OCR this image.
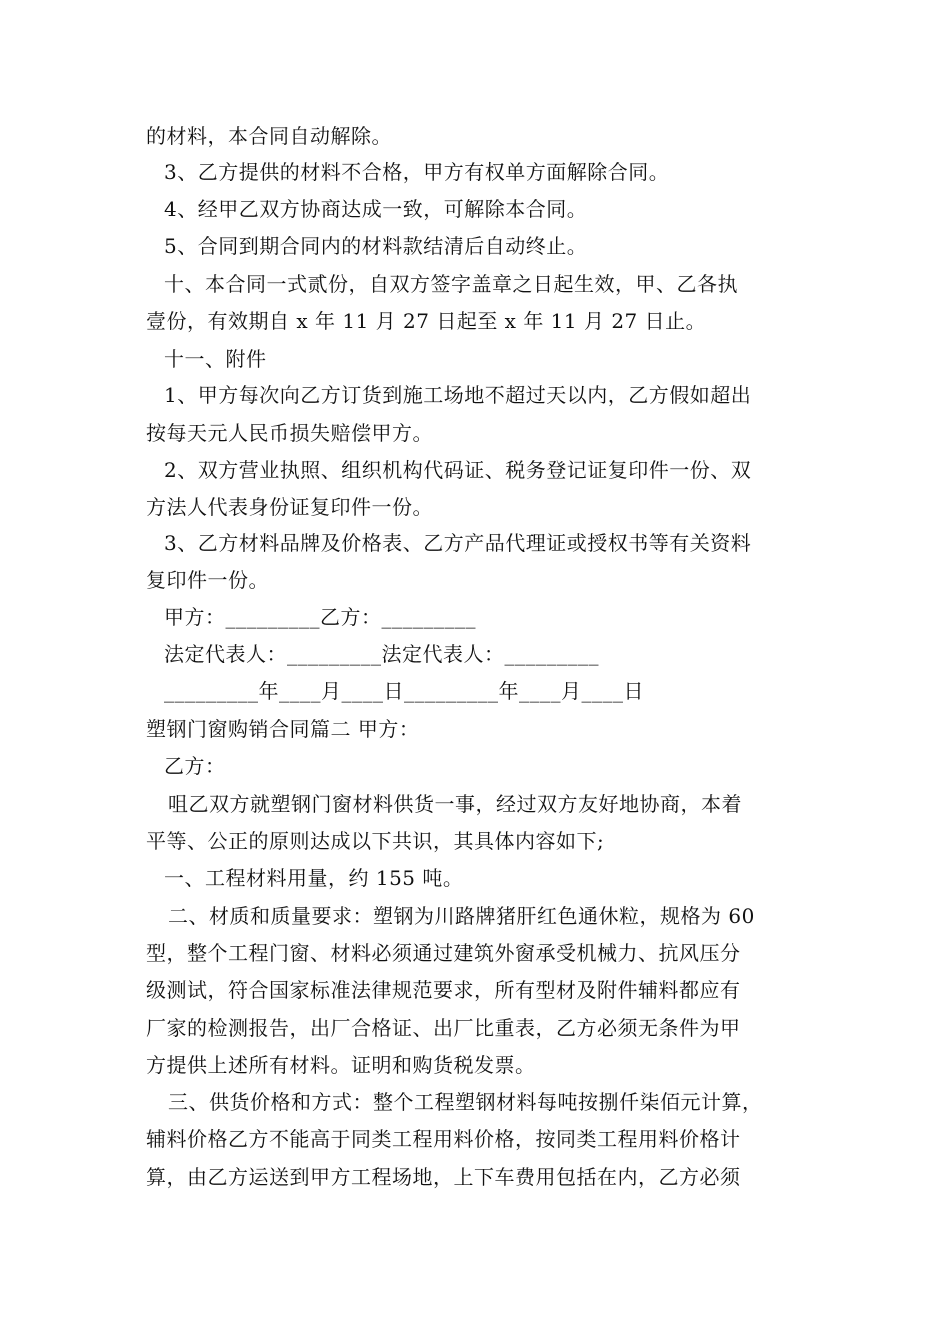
的材料，本合同自动解除。
3、乙方提供的材料不合格，甲方有权单方面解除合同。
4、经甲乙双方协商达成一致，可解除本合同。
5、合同到期合同内的材料款结清后自动终止。
十、本合同一式贰份，自双方签字盖章之日起生效，甲、乙各执
壹份，有效期自 x 年 11 月 27 日起至 x 年 11 月 27 日止。
十一、附件
1、甲方每次向乙方订货到施工场地不超过天以内，乙方假如超出
按每天元人民币损失赔偿甲方。
2、双方营业执照、组织机构代码证、税务登记证复印件一份、双
方法人代表身份证复印件一份。
3、乙方材料品牌及价格表、乙方产品代理证或授权书等有关资料
复印件一份。
甲方：_________乙方：_________
法定代表人：_________法定代表人：_________
_________年____月____日_________年____月____日
塑钢门窗购销合同篇二 甲方：
乙方：
咀乙双方就塑钢门窗材料供货一事，经过双方友好地协商，本着
平等、公正的原则达成以下共识，其具体内容如下;
一、工程材料用量，约 155 吨。
二、材质和质量要求：塑钢为川路牌猪肝红色通休粒，规格为 60
型，整个工程门窗、材料必须通过建筑外窗承受机械力、抗风压分
级测试，符合国家标准法律规范要求，所有型材及附件辅料都应有
厂家的检测报告，出厂合格证、出厂比重表，乙方必须无条件为甲
方提供上述所有材料。证明和购货税发票。
三、供货价格和方式：整个工程塑钢材料每吨按捌仟柒佰元计算，
辅料价格乙方不能高于同类工程用料价格，按同类工程用料价格计
算，由乙方运送到甲方工程场地，上下车费用包括在内，乙方必须
